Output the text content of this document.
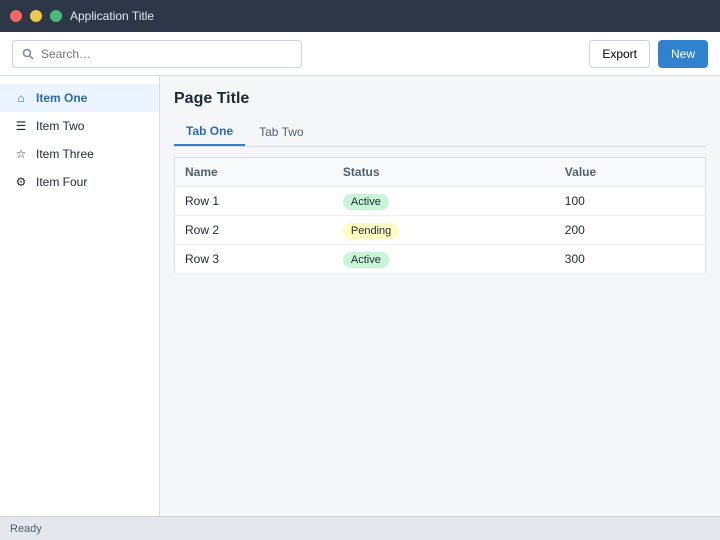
Application Title
Search…
Export	New
⌂ Item One
☰ Item Two
☆ Item Three
⚙ Item Four
Page Title
Tab One	Tab Two
Name	Status	Value
Row 1	Active	100
Row 2	Pending	200
Row 3	Active	300
Ready
